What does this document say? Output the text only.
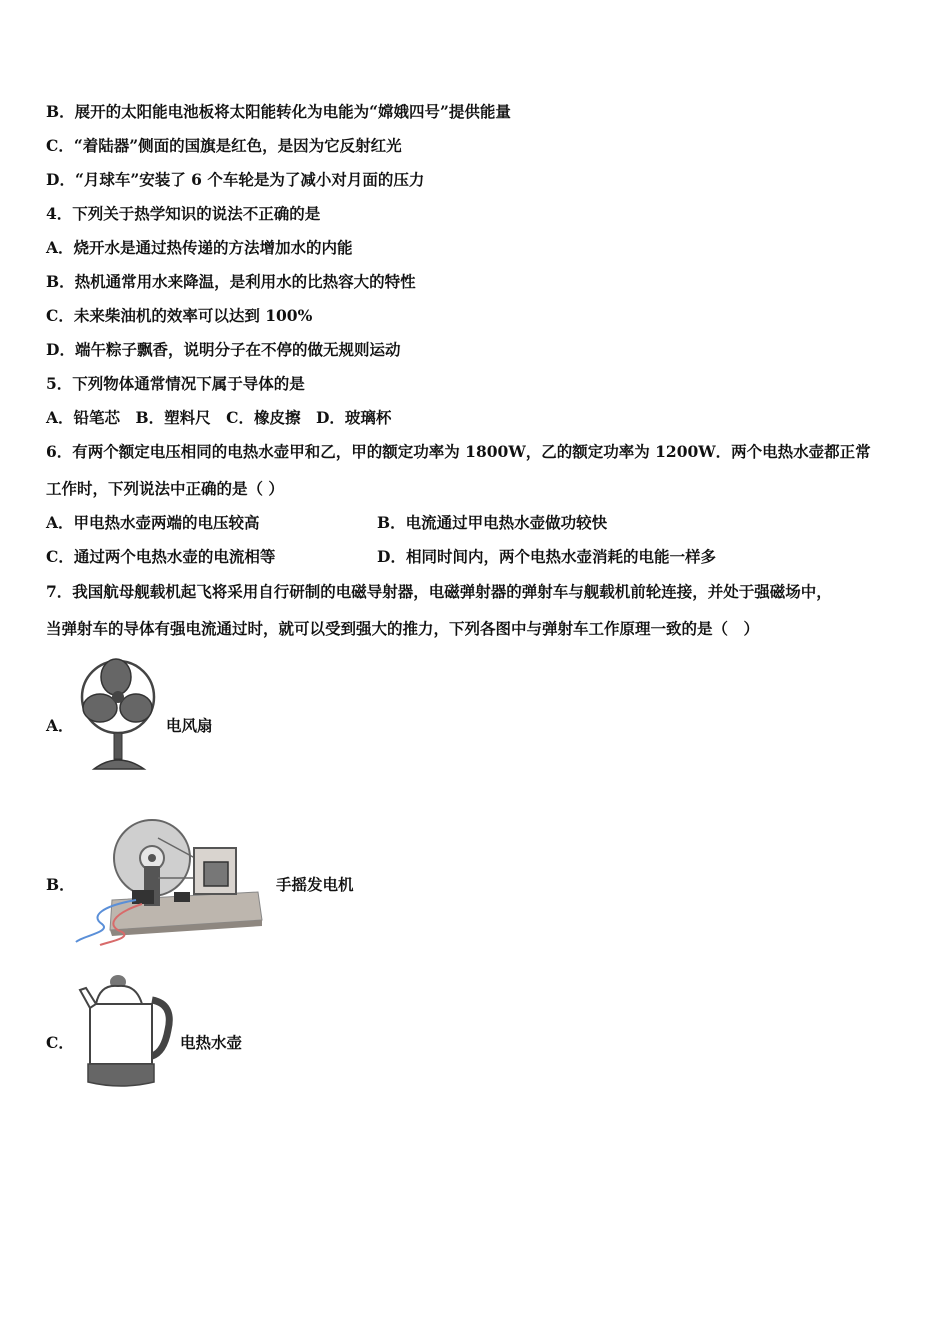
B．展开的太阳能电池板将太阳能转化为电能为“嫦娥四号”提供能量
C．“着陆器”侧面的国旗是红色，是因为它反射红光
D．“月球车”安装了 6 个车轮是为了减小对月面的压力
4．下列关于热学知识的说法不正确的是
A．烧开水是通过热传递的方法增加水的内能
B．热机通常用水来降温，是利用水的比热容大的特性
C．未来柴油机的效率可以达到 100%
D．端午粽子飘香，说明分子在不停的做无规则运动
5．下列物体通常情况下属于导体的是
A．铅笔芯　B．塑料尺　C．橡皮擦　D．玻璃杯
6．有两个额定电压相同的电热水壶甲和乙，甲的额定功率为 1800W，乙的额定功率为 1200W．两个电热水壶都正常
工作时，下列说法中正确的是（ ）
A．甲电热水壶两端的电压较高	B．电流通过甲电热水壶做功较快
C．通过两个电热水壶的电流相等	D．相同时间内，两个电热水壶消耗的电能一样多
7．我国航母舰载机起飞将采用自行研制的电磁导射器，电磁弹射器的弹射车与舰载机前轮连接，并处于强磁场中，
当弹射车的导体有强电流通过时，就可以受到强大的推力，下列各图中与弹射车工作原理一致的是（　）
A．	电风扇
B．	手摇发电机
C．	电热水壶
